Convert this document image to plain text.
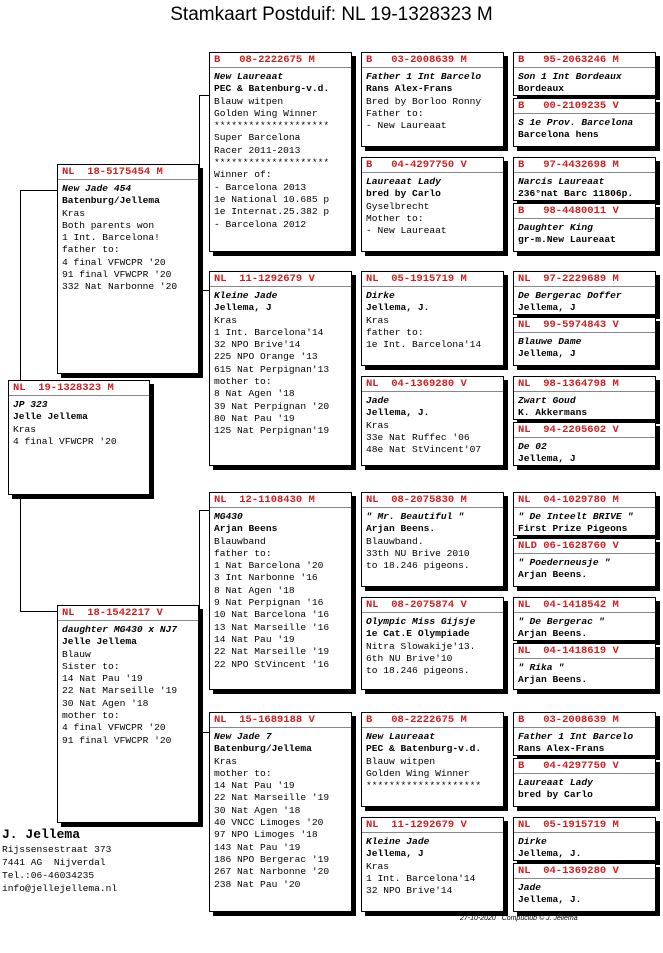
Stamkaart Postduif: NL 19-1328323 M
NL  19-1328323 M
JP 323
Jelle Jellema
Kras
4 final VFWCPR '20
NL  18-5175454 M
New Jade 454
Batenburg/Jellema
Kras
Both parents won
1 Int. Barcelona!
father to:
4 final VFWCPR '20
91 final VFWCPR '20
332 Nat Narbonne '20
NL  18-1542217 V
daughter MG430 x NJ7
Jelle Jellema
Blauw
Sister to:
14 Nat Pau '19
22 Nat Marseille '19
30 Nat Agen '18
mother to:
4 final VFWCPR '20
91 final VFWCPR '20
B   08-2222675 M
New Laureaat
PEC & Batenburg-v.d.
Blauw witpen
Golden Wing Winner
********************
Super Barcelona
Racer 2011-2013
********************
Winner of:
- Barcelona 2013
1e National 10.685 p
1e Internat.25.382 p
- Barcelona 2012
NL  11-1292679 V
Kleine Jade
Jellema, J
Kras
1 Int. Barcelona'14
32 NPO Brive'14
225 NPO Orange '13
615 Nat Perpignan'13
mother to:
8 Nat Agen '18
39 Nat Perpignan '20
80 Nat Pau '19
125 Nat Perpignan'19
NL  12-1108430 M
MG430
Arjan Beens
Blauwband
father to:
1 Nat Barcelona '20
3 Int Narbonne '16
8 Nat Agen '18
9 Nat Perpignan '16
10 Nat Barcelona '16
13 Nat Marseille '16
14 Nat Pau '19
22 Nat Marseille '19
22 NPO StVincent '16
NL  15-1689188 V
New Jade 7
Batenburg/Jellema
Kras
mother to:
14 Nat Pau '19
22 Nat Marseille '19
30 Nat Agen '18
40 VNCC Limoges '20
97 NPO Limoges '18
143 Nat Pau '19
186 NPO Bergerac '19
267 Nat Narbonne '20
238 Nat Pau '20
B   03-2008639 M
Father 1 Int Barcelo
Rans Alex-Frans
Bred by Borloo Ronny
Father to:
- New Laureaat
B   04-4297750 V
Laureaat Lady
bred by Carlo
Gyselbrecht
Mother to:
- New Laureaat
NL  05-1915719 M
Dirke
Jellema, J.
Kras
father to:
1e Int. Barcelona'14
NL  04-1369280 V
Jade
Jellema, J.
Kras
33e Nat Ruffec '06
48e Nat StVincent'07
NL  08-2075830 M
" Mr. Beautiful "
Arjan Beens.
Blauwband.
33th NU Brive 2010
to 18.246 pigeons.
NL  08-2075874 V
Olympic Miss Gijsje
1e Cat.E Olympiade
Nitra Slowakije'13.
6th NU Brive'10
to 18.246 pigeons.
B   08-2222675 M
New Laureaat
PEC & Batenburg-v.d.
Blauw witpen
Golden Wing Winner
********************
NL  11-1292679 V
Kleine Jade
Jellema, J
Kras
1 Int. Barcelona'14
32 NPO Brive'14
B   95-2063246 M
Son 1 Int Bordeaux
Bordeaux
B   00-2109235 V
S 1e Prov. Barcelona
Barcelona hens
B   97-4432698 M
Narcis Laureaat
236°nat Barc 11806p.
B   98-4480011 V
Daughter King
gr-m.New Laureaat
NL  97-2229689 M
De Bergerac Doffer
Jellema, J
NL  99-5974843 V
Blauwe Dame
Jellema, J
NL  98-1364798 M
Zwart Goud
K. Akkermans
NL  94-2205602 V
De 02
Jellema, J
NL  04-1029780 M
" De Inteelt BRIVE "
First Prize Pigeons
NLD 06-1628760 V
" Poederneusje "
Arjan Beens.
NL  04-1418542 M
" De Bergerac "
Arjan Beens.
NL  04-1418619 V
" Rika "
Arjan Beens.
B   03-2008639 M
Father 1 Int Barcelo
Rans Alex-Frans
B   04-4297750 V
Laureaat Lady
bred by Carlo
NL  05-1915719 M
Dirke
Jellema, J.
NL  04-1369280 V
Jade
Jellema, J.
J. Jellema
Rijssensestraat 373
7441 AG  Nijverdal
Tel.:06-46034235
info@jellejellema.nl
27-10-2020   Compuclub © J. Jellema
